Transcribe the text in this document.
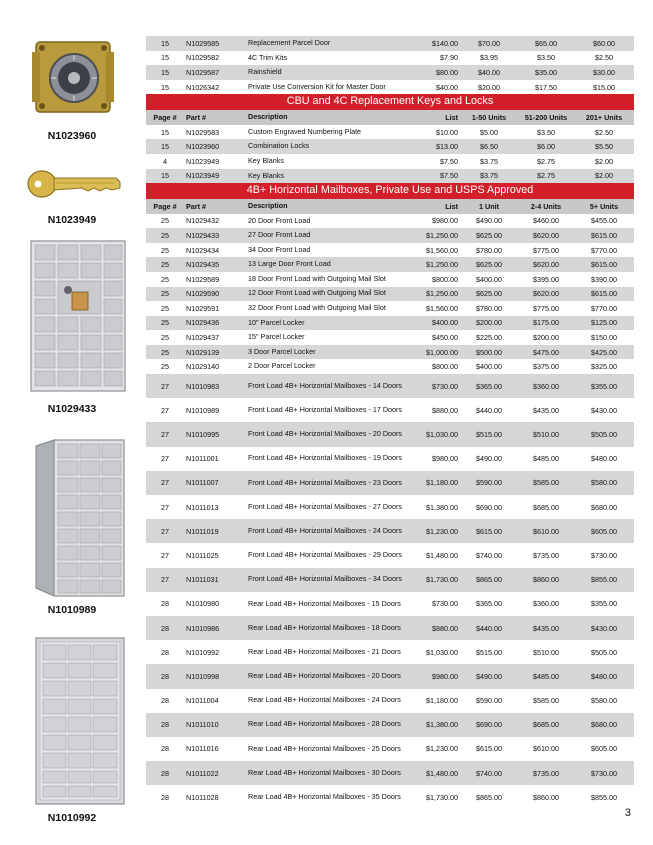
N1023960
N1023949
N1029433
N1010989
N1010992
15	N1029585	Replacement Parcel Door	$140.00	$70.00	$65.00	$60.00
15	N1029582	4C Trim Kits	$7.90	$3.95	$3.50	$2.50
15	N1029587	Rainshield	$80.00	$40.00	$35.00	$30.00
15	N1026342	Private Use Conversion Kit for Master Door	$40.00	$20.00	$17.50	$15.00
CBU and 4C Replacement Keys and Locks
Page #	Part #	Description	List	1-50 Units	51-200 Units	201+ Units
15	N1029583	Custom Engraved Numbering Plate	$10.00	$5.00	$3.50	$2.50
15	N1023960	Combination Locks	$13.00	$6.50	$6.00	$5.50
4	N1023949	Key Blanks	$7.50	$3.75	$2.75	$2.00
15	N1023949	Key Blanks	$7.50	$3.75	$2.75	$2.00
4B+ Horizontal Mailboxes, Private Use and USPS Approved
Page #	Part #	Description	List	1 Unit	2-4 Units	5+ Units
25	N1029432	20 Door Front Load	$980.00	$490.00	$460.00	$455.00
25	N1029433	27 Door Front Load	$1,250.00	$625.00	$620.00	$615.00
25	N1029434	34 Door Front Load	$1,560.00	$780.00	$775.00	$770.00
25	N1029435	13 Large Door Front Load	$1,250.00	$625.00	$620.00	$615.00
25	N1029589	18 Door Front Load with Outgoing Mail Slot	$800.00	$400.00	$395.00	$390.00
25	N1029590	12 Door Front Load with Outgoing Mail Slot	$1,250.00	$625.00	$620.00	$615.00
25	N1029591	32 Door Front Load with Outgoing Mail Slot	$1,560.00	$780.00	$775.00	$770.00
25	N1029436	10" Parcel Locker	$400.00	$200.00	$175.00	$125.00
25	N1029437	15" Parcel Locker	$450.00	$225.00	$200.00	$150.00
25	N1029139	3 Door Parcel Locker	$1,000.00	$500.00	$475.00	$425.00
25	N1029140	2 Door Parcel Locker	$800.00	$400.00	$375.00	$325.00
27	N1010983	Front Load 4B+ Horizontal Mailboxes - 14 Doors	$730.00	$365.00	$360.00	$355.00
27	N1010989	Front Load 4B+ Horizontal Mailboxes - 17 Doors	$880.00	$440.00	$435.00	$430.00
27	N1010995	Front Load 4B+ Horizontal Mailboxes - 20 Doors	$1,030.00	$515.00	$510.00	$505.00
27	N1011001	Front Load 4B+ Horizontal Mailboxes - 19 Doors	$980.00	$490.00	$485.00	$480.00
27	N1011007	Front Load 4B+ Horizontal Mailboxes - 23 Doors	$1,180.00	$590.00	$585.00	$580.00
27	N1011013	Front Load 4B+ Horizontal Mailboxes - 27 Doors	$1,380.00	$690.00	$685.00	$680.00
27	N1011019	Front Load 4B+ Horizontal Mailboxes - 24 Doors	$1,230.00	$615.00	$610.00	$605.00
27	N1011025	Front Load 4B+ Horizontal Mailboxes - 29 Doors	$1,480.00	$740.00	$735.00	$730.00
27	N1011031	Front Load 4B+ Horizontal Mailboxes - 34 Doors	$1,730.00	$865.00	$860.00	$855.00
28	N1010980	Rear Load 4B+ Horizontal Mailboxes - 15 Doors	$730.00	$365.00	$360.00	$355.00
28	N1010986	Rear Load 4B+ Horizontal Mailboxes - 18 Doors	$880.00	$440.00	$435.00	$430.00
28	N1010992	Rear Load 4B+ Horizontal Mailboxes - 21 Doors	$1,030.00	$515.00	$510.00	$505.00
28	N1010998	Rear Load 4B+ Horizontal Mailboxes - 20 Doors	$980.00	$490.00	$485.00	$480.00
28	N1011004	Rear Load 4B+ Horizontal Mailboxes - 24 Doors	$1,180.00	$590.00	$585.00	$580.00
28	N1011010	Rear Load 4B+ Horizontal Mailboxes - 28 Doors	$1,380.00	$690.00	$685.00	$680.00
28	N1011016	Rear Load 4B+ Horizontal Mailboxes - 25 Doors	$1,230.00	$615.00	$610.00	$605.00
28	N1011022	Rear Load 4B+ Horizontal Mailboxes - 30 Doors	$1,480.00	$740.00	$735.00	$730.00
28	N1011028	Rear Load 4B+ Horizontal Mailboxes - 35 Doors	$1,730.00	$865.00	$860.00	$855.00
3
